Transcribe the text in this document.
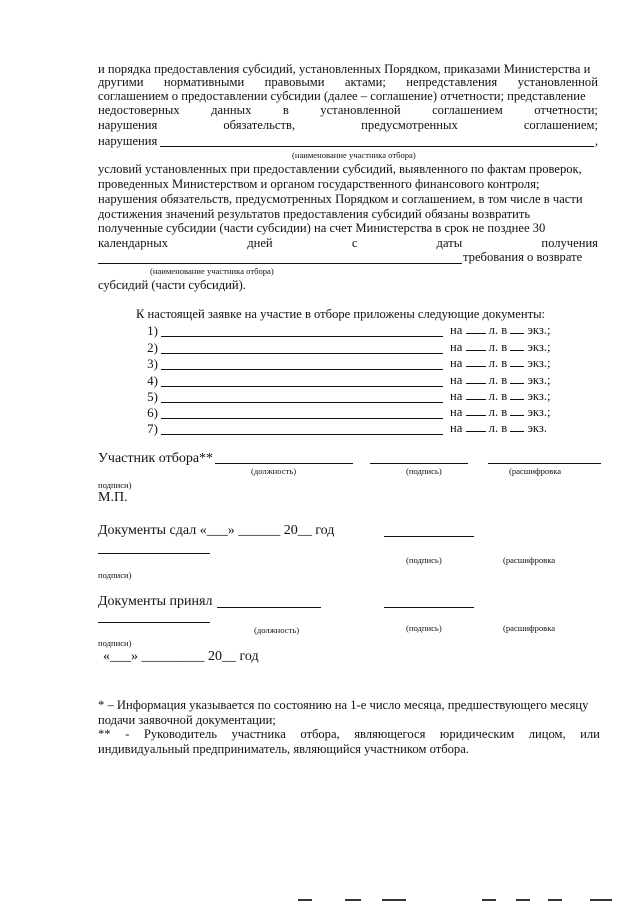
и порядка предоставления субсидий, установленных Порядком, приказами Министерства и
другими нормативными правовыми актами; непредставления установленной
соглашением о предоставлении субсидии (далее – соглашение) отчетности; представление
недостоверных данных в установленной соглашением отчетности;
нарушения	обязательств,	предусмотренных	соглашением;
нарушения	,
(наименование участника отбора)
условий установленных при предоставлении субсидий, выявленного по фактам проверок,
проведенных Министерством и органом государственного финансового контроля;
нарушения обязательств, предусмотренных Порядком и соглашением, в том числе в части
достижения значений результатов предоставления субсидий обязаны возвратить
полученные субсидии (части субсидии) на счет Министерства в срок не позднее 30
календарных	дней	с	даты	получения
требования о возврате
(наименование участника отбора)
субсидий (части субсидий).
К настоящей заявке на участие в отборе приложены следующие документы:
1)	на л. в экз.;
2)	на л. в экз.;
3)	на л. в экз.;
4)	на л. в экз.;
5)	на л. в экз.;
6)	на л. в экз.;
7)	на л. в экз.
Участник отбора**
(должность)	(подпись)	(расшифровка
подписи)
М.П.
Документы сдал «___» ______ 20__ год
(подпись)	(расшифровка
подписи)
Документы принял
(должность)	(подпись)	(расшифровка
подписи)
«___» _________ 20__ год
* – Информация указывается по состоянию на 1-е число месяца, предшествующего месяцу
подачи заявочной документации;
** - Руководитель участника отбора, являющегося юридическим лицом, или
индивидуальный предприниматель, являющийся участником отбора.
